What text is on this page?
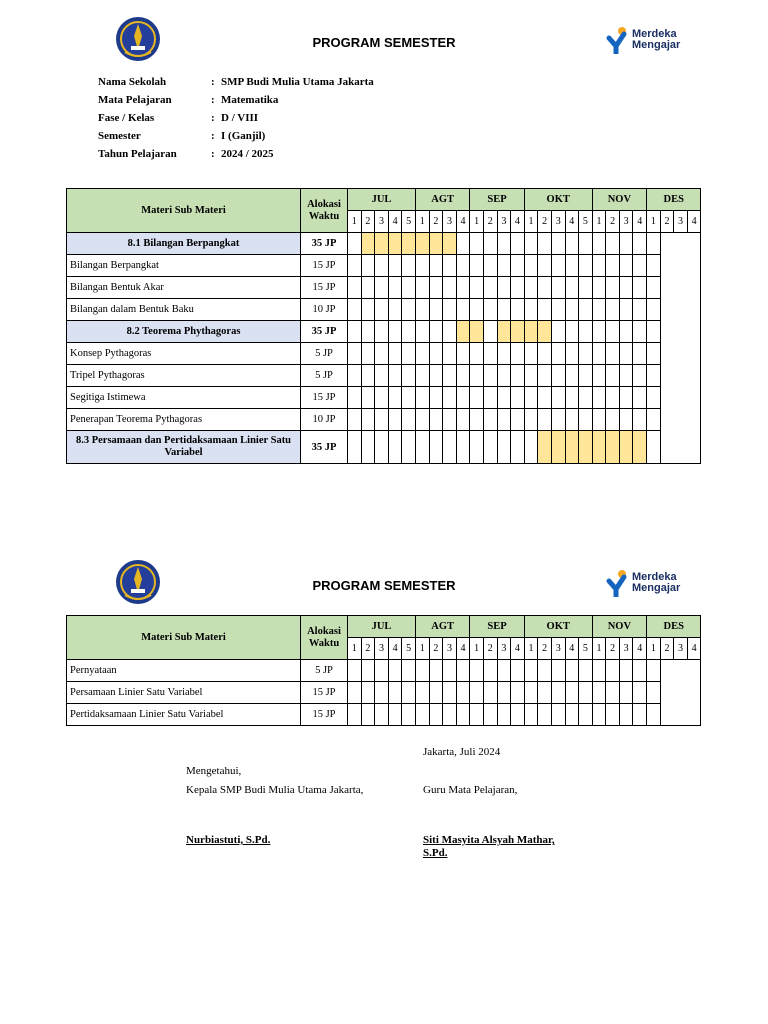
PROGRAM SEMESTER
Merdeka
Mengajar
Nama Sekolah	: SMP Budi Mulia Utama Jakarta
Mata Pelajaran	: Matematika
Fase / Kelas	: D / VIII
Semester	: I (Ganjil)
Tahun Pelajaran	: 2024 / 2025
Materi Sub Materi	Alokasi Waktu	JUL					AGT				SEP				OKT					NOV				DES			
		1	2	3	4	5	1	2	3	4	1	2	3	4	1	2	3	4	5	1	2	3	4	1	2	3	4
8.1 Bilangan Berpangkat	35 JP																										
Bilangan Berpangkat	15 JP																										
Bilangan Bentuk Akar	15 JP																										
Bilangan dalam Bentuk Baku	10 JP																										
8.2 Teorema Phythagoras	35 JP																										
Konsep Pythagoras	5 JP																										
Tripel Pythagoras	5 JP																										
Segitiga Istimewa	15 JP																										
Penerapan Teorema Pythagoras	10 JP																										
8.3 Persamaan dan Pertidaksamaan Linier Satu Variabel	35 JP																										
PROGRAM SEMESTER
Merdeka
Mengajar
Materi Sub Materi	Alokasi Waktu	JUL					AGT				SEP				OKT					NOV				DES			
		1	2	3	4	5	1	2	3	4	1	2	3	4	1	2	3	4	5	1	2	3	4	1	2	3	4
Pernyataan	5 JP																										
Persamaan Linier Satu Variabel	15 JP																										
Pertidaksamaan Linier Satu Variabel	15 JP																										
Jakarta, Juli 2024
Mengetahui,
Kepala SMP Budi Mulia Utama Jakarta,	Guru Mata Pelajaran,
Nurbiastuti, S.Pd.	Siti Masyita Alsyah Mathar,
S.Pd.
